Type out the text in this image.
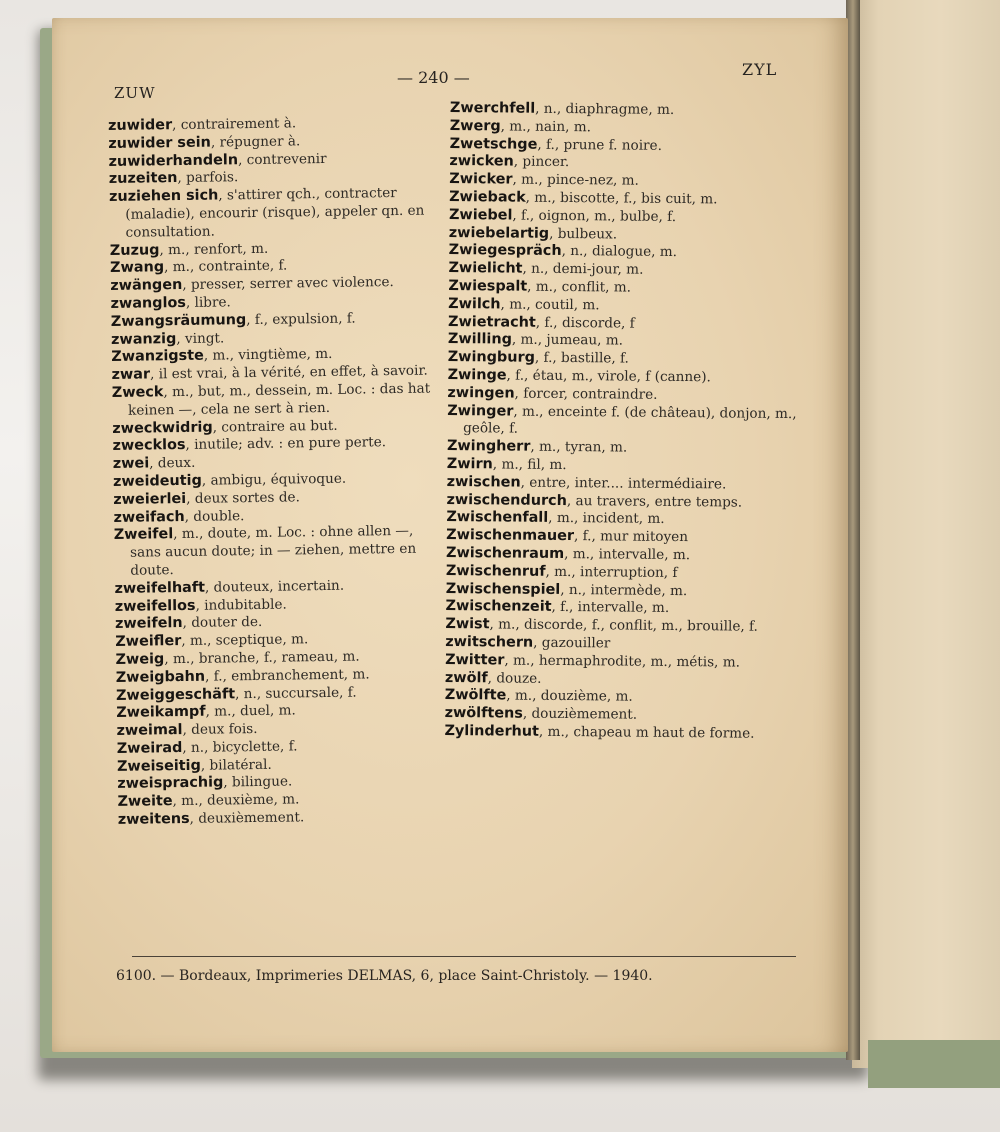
ZUW
— 240 —	ZYL

zuwider, contrairement à.

zuwider sein, répugner à.

zuwiderhandeln, contrevenir

zuzeiten, parfois.

zuziehen sich, s'attirer qch., contracter (maladie), encourir (risque), appeler qn. en consultation.

Zuzug, m., renfort, m.

Zwang, m., contrainte, f.

zwängen, presser, serrer avec violence.

zwanglos, libre.

Zwangsräumung, f., expulsion, f.

zwanzig, vingt.

Zwanzigste, m., vingtième, m.

zwar, il est vrai, à la vérité, en effet, à savoir.

Zweck, m., but, m., dessein, m. Loc. : das hat keinen —, cela ne sert à rien.

zweckwidrig, contraire au but.

zwecklos, inutile; adv. : en pure perte.

zwei, deux.

zweideutig, ambigu, équivoque.

zweierlei, deux sortes de.

zweifach, double.

Zweifel, m., doute, m. Loc. : ohne allen —, sans aucun doute; in — ziehen, mettre en doute.

zweifelhaft, douteux, incertain.

zweifellos, indubitable.

zweifeln, douter de.

Zweifler, m., sceptique, m.

Zweig, m., branche, f., rameau, m.

Zweigbahn, f., embranchement, m.

Zweiggeschäft, n., succursale, f.

Zweikampf, m., duel, m.

zweimal, deux fois.

Zweirad, n., bicyclette, f.

Zweiseitig, bilatéral.

zweisprachig, bilingue.

Zweite, m., deuxième, m.

zweitens, deuxièmement.

Zwerchfell, n., diaphragme, m.

Zwerg, m., nain, m.

Zwetschge, f., prune f. noire.

zwicken, pincer.

Zwicker, m., pince-nez, m.

Zwieback, m., biscotte, f., bis cuit, m.

Zwiebel, f., oignon, m., bulbe, f.

zwiebelartig, bulbeux.

Zwiegespräch, n., dialogue, m.

Zwielicht, n., demi-jour, m.

Zwiespalt, m., conflit, m.

Zwilch, m., coutil, m.

Zwietracht, f., discorde, f

Zwilling, m., jumeau, m.

Zwingburg, f., bastille, f.

Zwinge, f., étau, m., virole, f (canne).

zwingen, forcer, contraindre.

Zwinger, m., enceinte f. (de château), donjon, m., geôle, f.

Zwingherr, m., tyran, m.

Zwirn, m., fil, m.

zwischen, entre, inter.... intermédiaire.

zwischendurch, au travers, entre temps.

Zwischenfall, m., incident, m.

Zwischenmauer, f., mur mitoyen

Zwischenraum, m., intervalle, m.

Zwischenruf, m., interruption, f

Zwischenspiel, n., intermède, m.

Zwischenzeit, f., intervalle, m.

Zwist, m., discorde, f., conflit, m., brouille, f.

zwitschern, gazouiller

Zwitter, m., hermaphrodite, m., métis, m.

zwölf, douze.

Zwölfte, m., douzième, m.

zwölftens, douzièmement.

Zylinderhut, m., chapeau m haut de forme.

6100. — Bordeaux, Imprimeries DELMAS, 6, place Saint-Christoly. — 1940.
